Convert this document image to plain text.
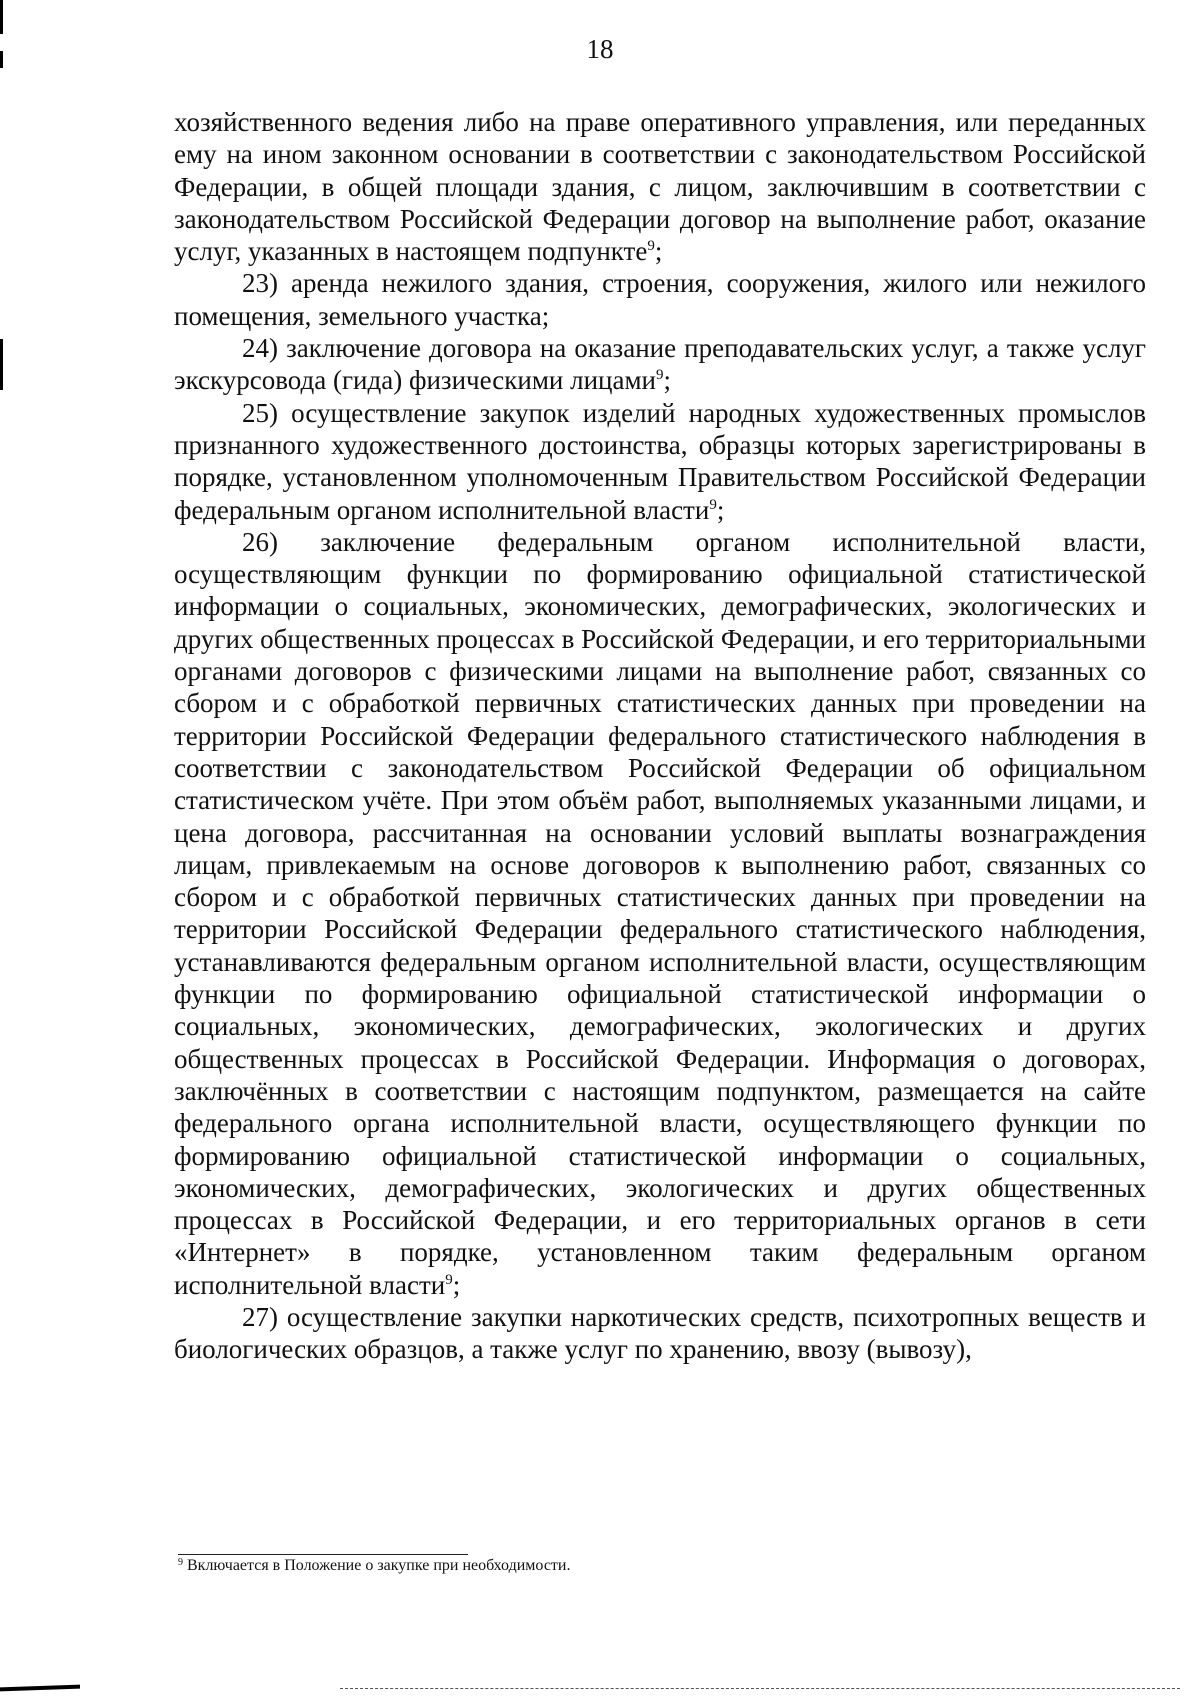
18

хозяйственного ведения либо на праве оперативного управления, или переданных ему на ином законном основании в соответствии с законодательством Российской Федерации, в общей площади здания, с лицом, заключившим в соответствии с законодательством Российской Федерации договор на выполнение работ, оказание услуг, указанных в настоящем подпункте$^9$;

23) аренда нежилого здания, строения, сооружения, жилого или нежилого помещения, земельного участка;

24) заключение договора на оказание преподавательских услуг, а также услуг экскурсовода (гида) физическими лицами$^9$;

25) осуществление закупок изделий народных художественных промыслов признанного художественного достоинства, образцы которых зарегистрированы в порядке, установленном уполномоченным Правительством Российской Федерации федеральным органом исполнительной власти$^9$;

26) заключение федеральным органом исполнительной власти, осуществляющим функции по формированию официальной статистической информации о социальных, экономических, демографических, экологических и других общественных процессах в Российской Федерации, и его территориальными органами договоров с физическими лицами на выполнение работ, связанных со сбором и с обработкой первичных статистических данных при проведении на территории Российской Федерации федерального статистического наблюдения в соответствии с законодательством Российской Федерации об официальном статистическом учёте. При этом объём работ, выполняемых указанными лицами, и цена договора, рассчитанная на основании условий выплаты вознаграждения лицам, привлекаемым на основе договоров к выполнению работ, связанных со сбором и с обработкой первичных статистических данных при проведении на территории Российской Федерации федерального статистического наблюдения, устанавливаются федеральным органом исполнительной власти, осуществляющим функции по формированию официальной статистической информации о социальных, экономических, демографических, экологических и других общественных процессах в Российской Федерации. Информация о договорах, заключённых в соответствии с настоящим подпунктом, размещается на сайте федерального органа исполнительной власти, осуществляющего функции по формированию официальной статистической информации о социальных, экономических, демографических, экологических и других общественных процессах в Российской Федерации, и его территориальных органов в сети «Интернет» в порядке, установленном таким федеральным органом исполнительной власти$^9$;

27) осуществление закупки наркотических средств, психотропных веществ и биологических образцов, а также услуг по хранению, ввозу (вывозу),

$^9$ Включается в Положение о закупке при необходимости.
